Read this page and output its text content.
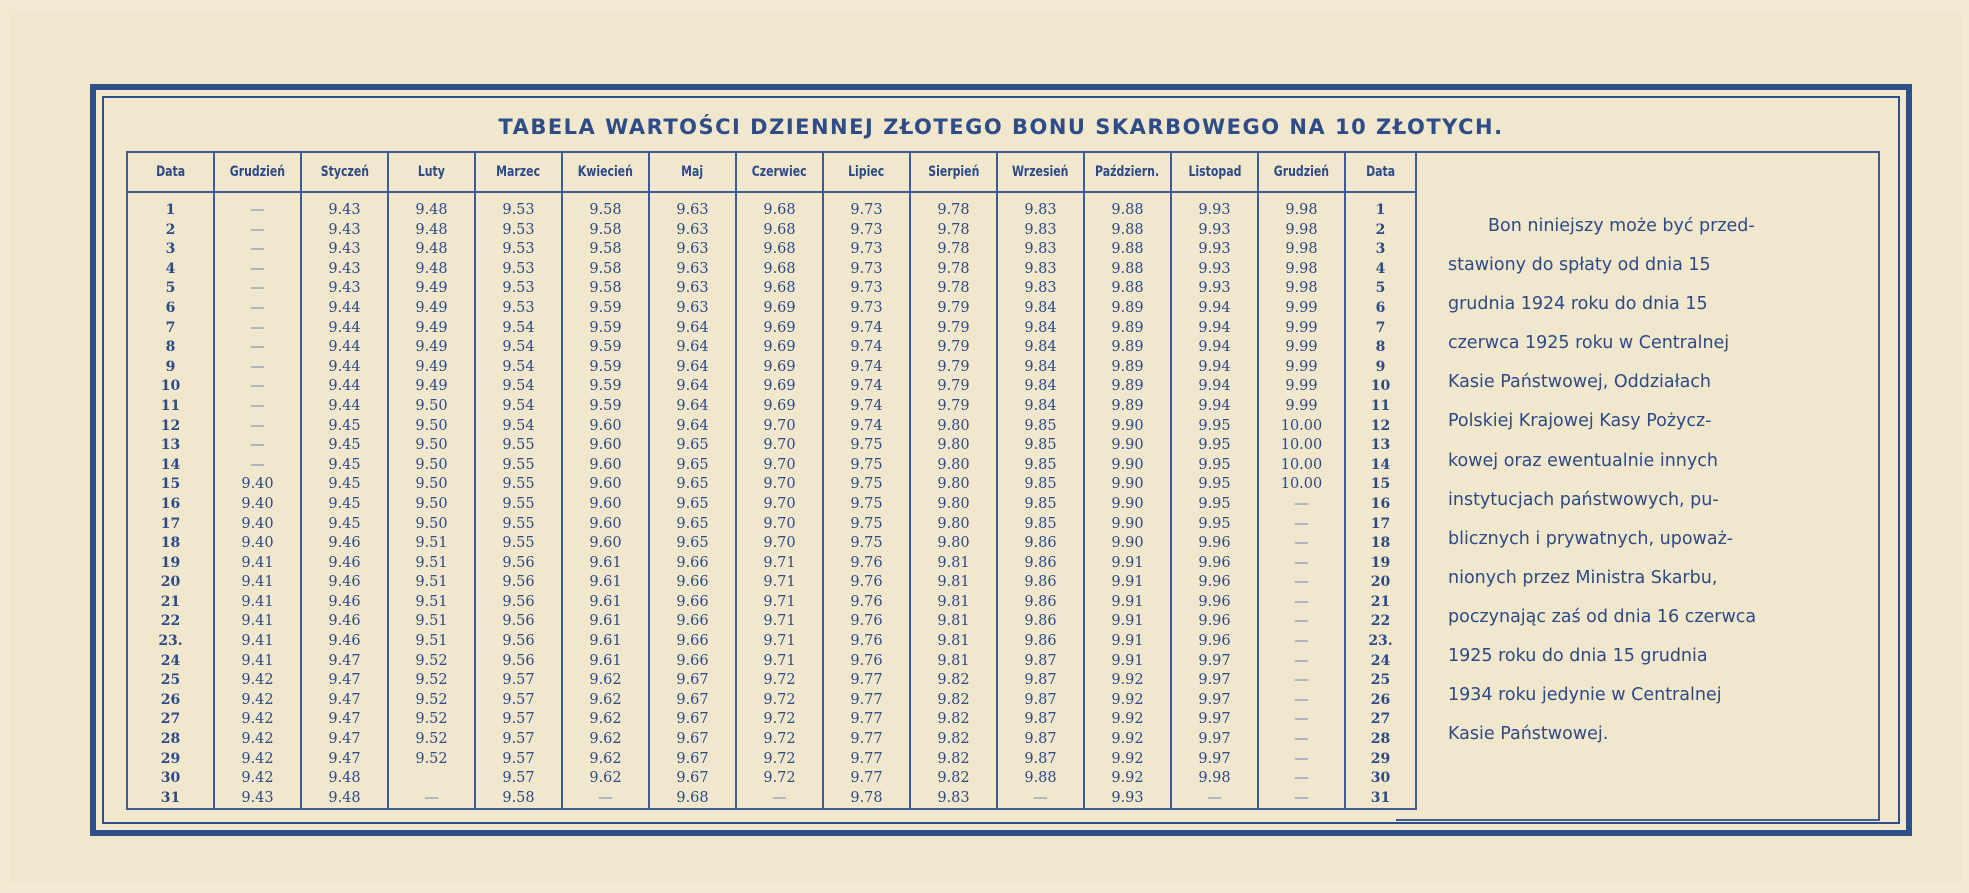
TABELA WARTOŚCI DZIENNEJ ZŁOTEGO BONU SKARBOWEGO NA 10 ZŁOTYCH.
Data	Grudzień	Styczeń	Luty	Marzec	Kwiecień	Maj	Czerwiec	Lipiec	Sierpień	Wrzesień	Październ.	Listopad	Grudzień	Data
1	—	9.43	9.48	9.53	9.58	9.63	9.68	9.73	9.78	9.83	9.88	9.93	9.98	1
2	—	9.43	9.48	9.53	9.58	9.63	9.68	9.73	9.78	9.83	9.88	9.93	9.98	2
3	—	9.43	9.48	9.53	9.58	9.63	9.68	9.73	9.78	9.83	9.88	9.93	9.98	3
4	—	9.43	9.48	9.53	9.58	9.63	9.68	9.73	9.78	9.83	9.88	9.93	9.98	4
5	—	9.43	9.49	9.53	9.58	9.63	9.68	9.73	9.78	9.83	9.88	9.93	9.98	5
6	—	9.44	9.49	9.53	9.59	9.63	9.69	9.73	9.79	9.84	9.89	9.94	9.99	6
7	—	9.44	9.49	9.54	9.59	9.64	9.69	9.74	9.79	9.84	9.89	9.94	9.99	7
8	—	9.44	9.49	9.54	9.59	9.64	9.69	9.74	9.79	9.84	9.89	9.94	9.99	8
9	—	9.44	9.49	9.54	9.59	9.64	9.69	9.74	9.79	9.84	9.89	9.94	9.99	9
10	—	9.44	9.49	9.54	9.59	9.64	9.69	9.74	9.79	9.84	9.89	9.94	9.99	10
11	—	9.44	9.50	9.54	9.59	9.64	9.69	9.74	9.79	9.84	9.89	9.94	9.99	11
12	—	9.45	9.50	9.54	9.60	9.64	9.70	9.74	9.80	9.85	9.90	9.95	10.00	12
13	—	9.45	9.50	9.55	9.60	9.65	9.70	9.75	9.80	9.85	9.90	9.95	10.00	13
14	—	9.45	9.50	9.55	9.60	9.65	9.70	9.75	9.80	9.85	9.90	9.95	10.00	14
15	9.40	9.45	9.50	9.55	9.60	9.65	9.70	9.75	9.80	9.85	9.90	9.95	10.00	15
16	9.40	9.45	9.50	9.55	9.60	9.65	9.70	9.75	9.80	9.85	9.90	9.95	—	16
17	9.40	9.45	9.50	9.55	9.60	9.65	9.70	9.75	9.80	9.85	9.90	9.95	—	17
18	9.40	9.46	9.51	9.55	9.60	9.65	9.70	9.75	9.80	9.86	9.90	9.96	—	18
19	9.41	9.46	9.51	9.56	9.61	9.66	9.71	9.76	9.81	9.86	9.91	9.96	—	19
20	9.41	9.46	9.51	9.56	9.61	9.66	9.71	9.76	9.81	9.86	9.91	9.96	—	20
21	9.41	9.46	9.51	9.56	9.61	9.66	9.71	9.76	9.81	9.86	9.91	9.96	—	21
22	9.41	9.46	9.51	9.56	9.61	9.66	9.71	9.76	9.81	9.86	9.91	9.96	—	22
23.	9.41	9.46	9.51	9.56	9.61	9.66	9.71	9.76	9.81	9.86	9.91	9.96	—	23.
24	9.41	9.47	9.52	9.56	9.61	9.66	9.71	9.76	9.81	9.87	9.91	9.97	—	24
25	9.42	9.47	9.52	9.57	9.62	9.67	9.72	9.77	9.82	9.87	9.92	9.97	—	25
26	9.42	9.47	9.52	9.57	9.62	9.67	9.72	9.77	9.82	9.87	9.92	9.97	—	26
27	9.42	9.47	9.52	9.57	9.62	9.67	9.72	9.77	9.82	9.87	9.92	9.97	—	27
28	9.42	9.47	9.52	9.57	9.62	9.67	9.72	9.77	9.82	9.87	9.92	9.97	—	28
29	9.42	9.47	9.52	9.57	9.62	9.67	9.72	9.77	9.82	9.87	9.92	9.97	—	29
30	9.42	9.48		9.57	9.62	9.67	9.72	9.77	9.82	9.88	9.92	9.98	—	30
31	9.43	9.48	—	9.58	—	9.68	—	9.78	9.83	—	9.93	—	—	31
Bon niniejszy może być przed-
stawiony do spłaty od dnia 15
grudnia 1924 roku do dnia 15
czerwca 1925 roku w Centralnej
Kasie Państwowej, Oddziałach
Polskiej Krajowej Kasy Pożycz-
kowej oraz ewentualnie innych
instytucjach państwowych, pu-
blicznych i prywatnych, upoważ-
nionych przez Ministra Skarbu,
poczynając zaś od dnia 16 czerwca
1925 roku do dnia 15 grudnia
1934 roku jedynie w Centralnej
Kasie Państwowej.
